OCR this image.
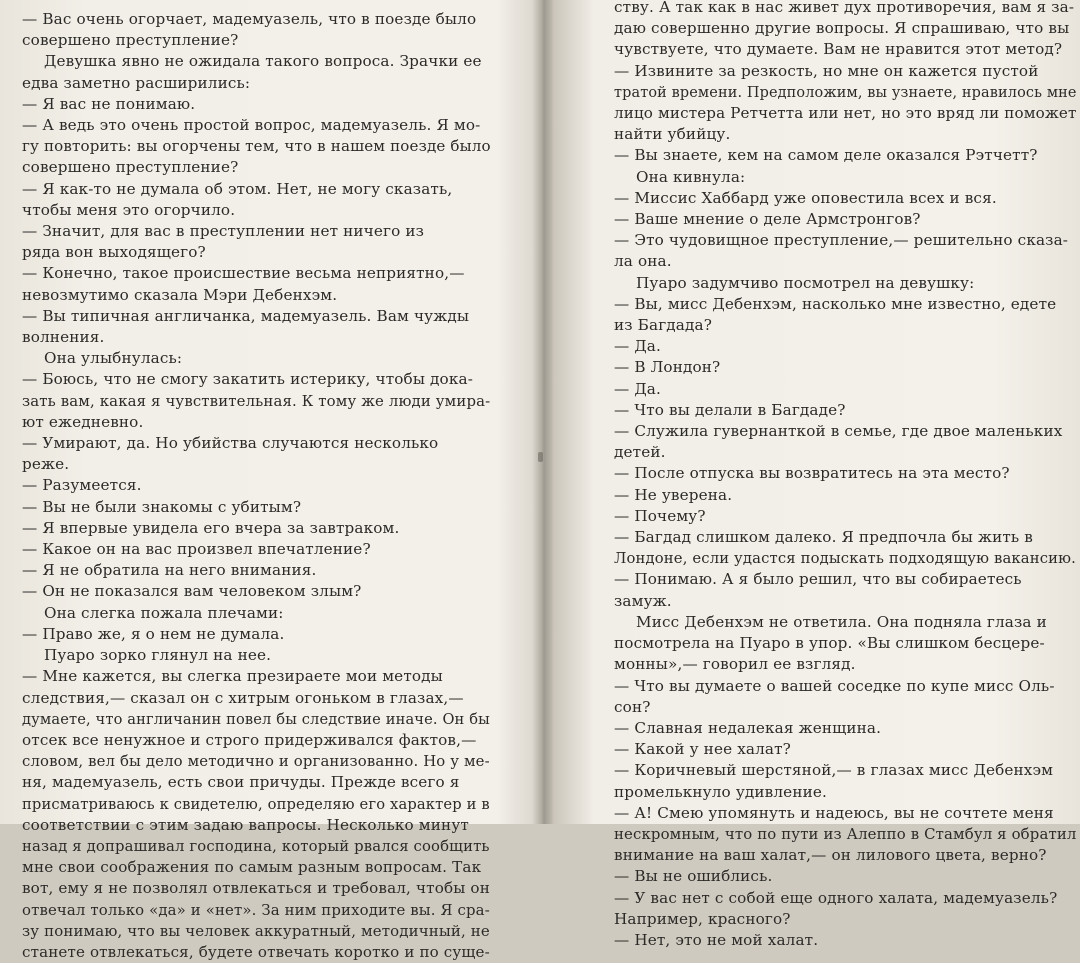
— Вас очень огорчает, мадемуазель, что в поезде было

совершено преступление?

Девушка явно не ожидала такого вопроса. Зрачки ее

едва заметно расширились:

— Я вас не понимаю.

— А ведь это очень простой вопрос, мадемуазель. Я мо-

гу повторить: вы огорчены тем, что в нашем поезде было

совершено преступление?

— Я как-то не думала об этом. Нет, не могу сказать,

чтобы меня это огорчило.

— Значит, для вас в преступлении нет ничего из

ряда вон выходящего?

— Конечно, такое происшествие весьма неприятно,—

невозмутимо сказала Мэри Дебенхэм.

— Вы типичная англичанка, мадемуазель. Вам чужды

волнения.

Она улыбнулась:

— Боюсь, что не смогу закатить истерику, чтобы дока-

зать вам, какая я чувствительная. К тому же люди умира-

ют ежедневно.

— Умирают, да. Но убийства случаются несколько

реже.

— Разумеется.

— Вы не были знакомы с убитым?

— Я впервые увидела его вчера за завтраком.

— Какое он на вас произвел впечатление?

— Я не обратила на него внимания.

— Он не показался вам человеком злым?

Она слегка пожала плечами:

— Право же, я о нем не думала.

Пуаро зорко глянул на нее.

— Мне кажется, вы слегка презираете мои методы

следствия,— сказал он с хитрым огоньком в глазах,—

думаете, что англичанин повел бы следствие иначе. Он бы

отсек все ненужное и строго придерживался фактов,—

словом, вел бы дело методично и организованно. Но у ме-

ня, мадемуазель, есть свои причуды. Прежде всего я

присматриваюсь к свидетелю, определяю его характер и в

соответствии с этим задаю вапросы. Несколько минут

назад я допрашивал господина, который рвался сообщить

мне свои соображения по самым разным вопросам. Так

вот, ему я не позволял отвлекаться и требовал, чтобы он

отвечал только «да» и «нет». За ним приходите вы. Я сра-

зу понимаю, что вы человек аккуратный, методичный, не

станете отвлекаться, будете отвечать коротко и по суще-

ству. А так как в нас живет дух противоречия, вам я за-

даю совершенно другие вопросы. Я спрашиваю, что вы

чувствуете, что думаете. Вам не нравится этот метод?

— Извините за резкость, но мне он кажется пустой

тратой времени. Предположим, вы узнаете, нравилось мне

лицо мистера Ретчетта или нет, но это вряд ли поможет

найти убийцу.

— Вы знаете, кем на самом деле оказался Рэтчетт?

Она кивнула:

— Миссис Хаббард уже оповестила всех и вся.

— Ваше мнение о деле Армстронгов?

— Это чудовищное преступление,— решительно сказа-

ла она.

Пуаро задумчиво посмотрел на девушку:

— Вы, мисс Дебенхэм, насколько мне известно, едете

из Багдада?

— Да.

— В Лондон?

— Да.

— Что вы делали в Багдаде?

— Служила гувернанткой в семье, где двое маленьких

детей.

— После отпуска вы возвратитесь на эта место?

— Не уверена.

— Почему?

— Багдад слишком далеко. Я предпочла бы жить в

Лондоне, если удастся подыскать подходящую вакансию.

— Понимаю. А я было решил, что вы собираетесь

замуж.

Мисс Дебенхэм не ответила. Она подняла глаза и

посмотрела на Пуаро в упор. «Вы слишком бесцере-

монны»,— говорил ее взгляд.

— Что вы думаете о вашей соседке по купе мисс Оль-

сон?

— Славная недалекая женщина.

— Какой у нее халат?

— Коричневый шерстяной,— в глазах мисс Дебенхэм

промелькнуло удивление.

— А! Смею упомянуть и надеюсь, вы не сочтете меня

нескромным, что по пути из Алеппо в Стамбул я обратил

внимание на ваш халат,— он лилового цвета, верно?

— Вы не ошиблись.

— У вас нет с собой еще одного халата, мадемуазель?

Например, красного?

— Нет, это не мой халат.
